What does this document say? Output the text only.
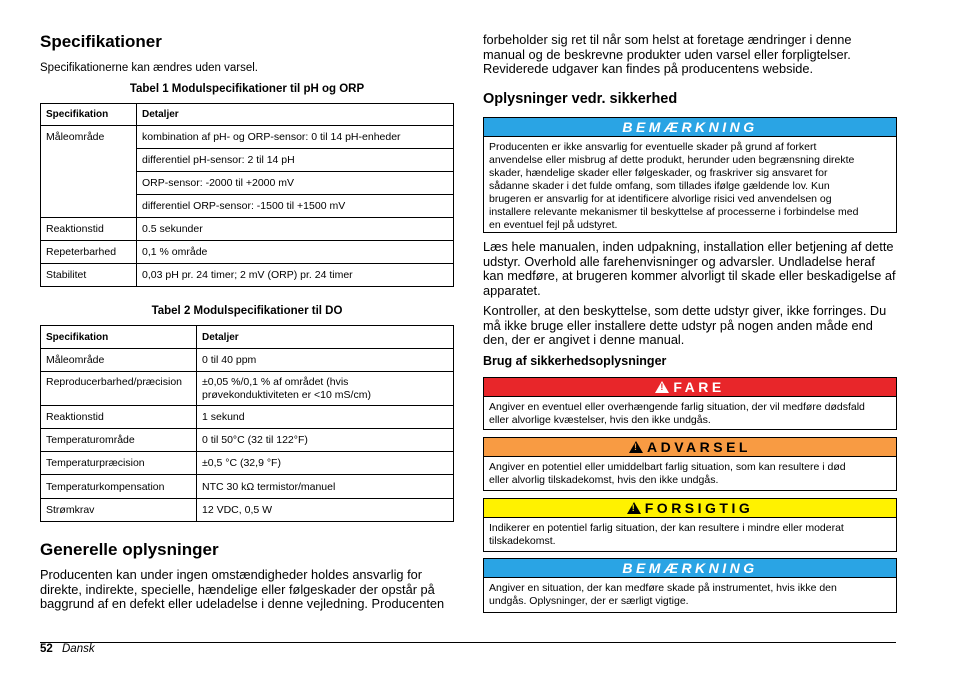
Specifikationer
Specifikationerne kan ændres uden varsel.
Tabel 1 Modulspecifikationer til pH og ORP
Specifikation	Detaljer
Måleområde	kombination af pH- og ORP-sensor: 0 til 14 pH-enheder
	differentiel pH-sensor: 2 til 14 pH
	ORP-sensor: -2000 til +2000 mV
	differentiel ORP-sensor: -1500 til +1500 mV
Reaktionstid	0.5 sekunder
Repeterbarhed	0,1 % område
Stabilitet	0,03 pH pr. 24 timer; 2 mV (ORP) pr. 24 timer
Tabel 2 Modulspecifikationer til DO
Specifikation	Detaljer
Måleområde	0 til 40 ppm
Reproducerbarhed/præcision	±0,05 %/0,1 % af området (hvis prøvekonduktiviteten er <10 mS/cm)
Reaktionstid	1 sekund
Temperaturområde	0 til 50°C (32 til 122°F)
Temperaturpræcision	±0,5 °C (32,9 °F)
Temperaturkompensation	NTC 30 kΩ termistor/manuel
Strømkrav	12 VDC, 0,5 W
Generelle oplysninger
Producenten kan under ingen omstændigheder holdes ansvarlig for
direkte, indirekte, specielle, hændelige eller følgeskader der opstår på
baggrund af en defekt eller udeladelse i denne vejledning. Producenten
forbeholder sig ret til når som helst at foretage ændringer i denne
manual og de beskrevne produkter uden varsel eller forpligtelser.
Reviderede udgaver kan findes på producentens webside.
Oplysninger vedr. sikkerhed
BEMÆRKNING
Producenten er ikke ansvarlig for eventuelle skader på grund af forkert
anvendelse eller misbrug af dette produkt, herunder uden begrænsning direkte
skader, hændelige skader eller følgeskader, og fraskriver sig ansvaret for
sådanne skader i det fulde omfang, som tillades ifølge gældende lov. Kun
brugeren er ansvarlig for at identificere alvorlige risici ved anvendelsen og
installere relevante mekanismer til beskyttelse af processerne i forbindelse med
en eventuel fejl på udstyret.
Læs hele manualen, inden udpakning, installation eller betjening af dette
udstyr. Overhold alle farehenvisninger og advarsler. Undladelse heraf
kan medføre, at brugeren kommer alvorligt til skade eller beskadigelse af
apparatet.
Kontroller, at den beskyttelse, som dette udstyr giver, ikke forringes. Du
må ikke bruge eller installere dette udstyr på nogen anden måde end
den, der er angivet i denne manual.
Brug af sikkerhedsoplysninger
!FARE
Angiver en eventuel eller overhængende farlig situation, der vil medføre dødsfald
eller alvorlige kvæstelser, hvis den ikke undgås.
!ADVARSEL
Angiver en potentiel eller umiddelbart farlig situation, som kan resultere i død
eller alvorlig tilskadekomst, hvis den ikke undgås.
!FORSIGTIG
Indikerer en potentiel farlig situation, der kan resultere i mindre eller moderat
tilskadekomst.
BEMÆRKNING
Angiver en situation, der kan medføre skade på instrumentet, hvis ikke den
undgås. Oplysninger, der er særligt vigtige.
52 Dansk
